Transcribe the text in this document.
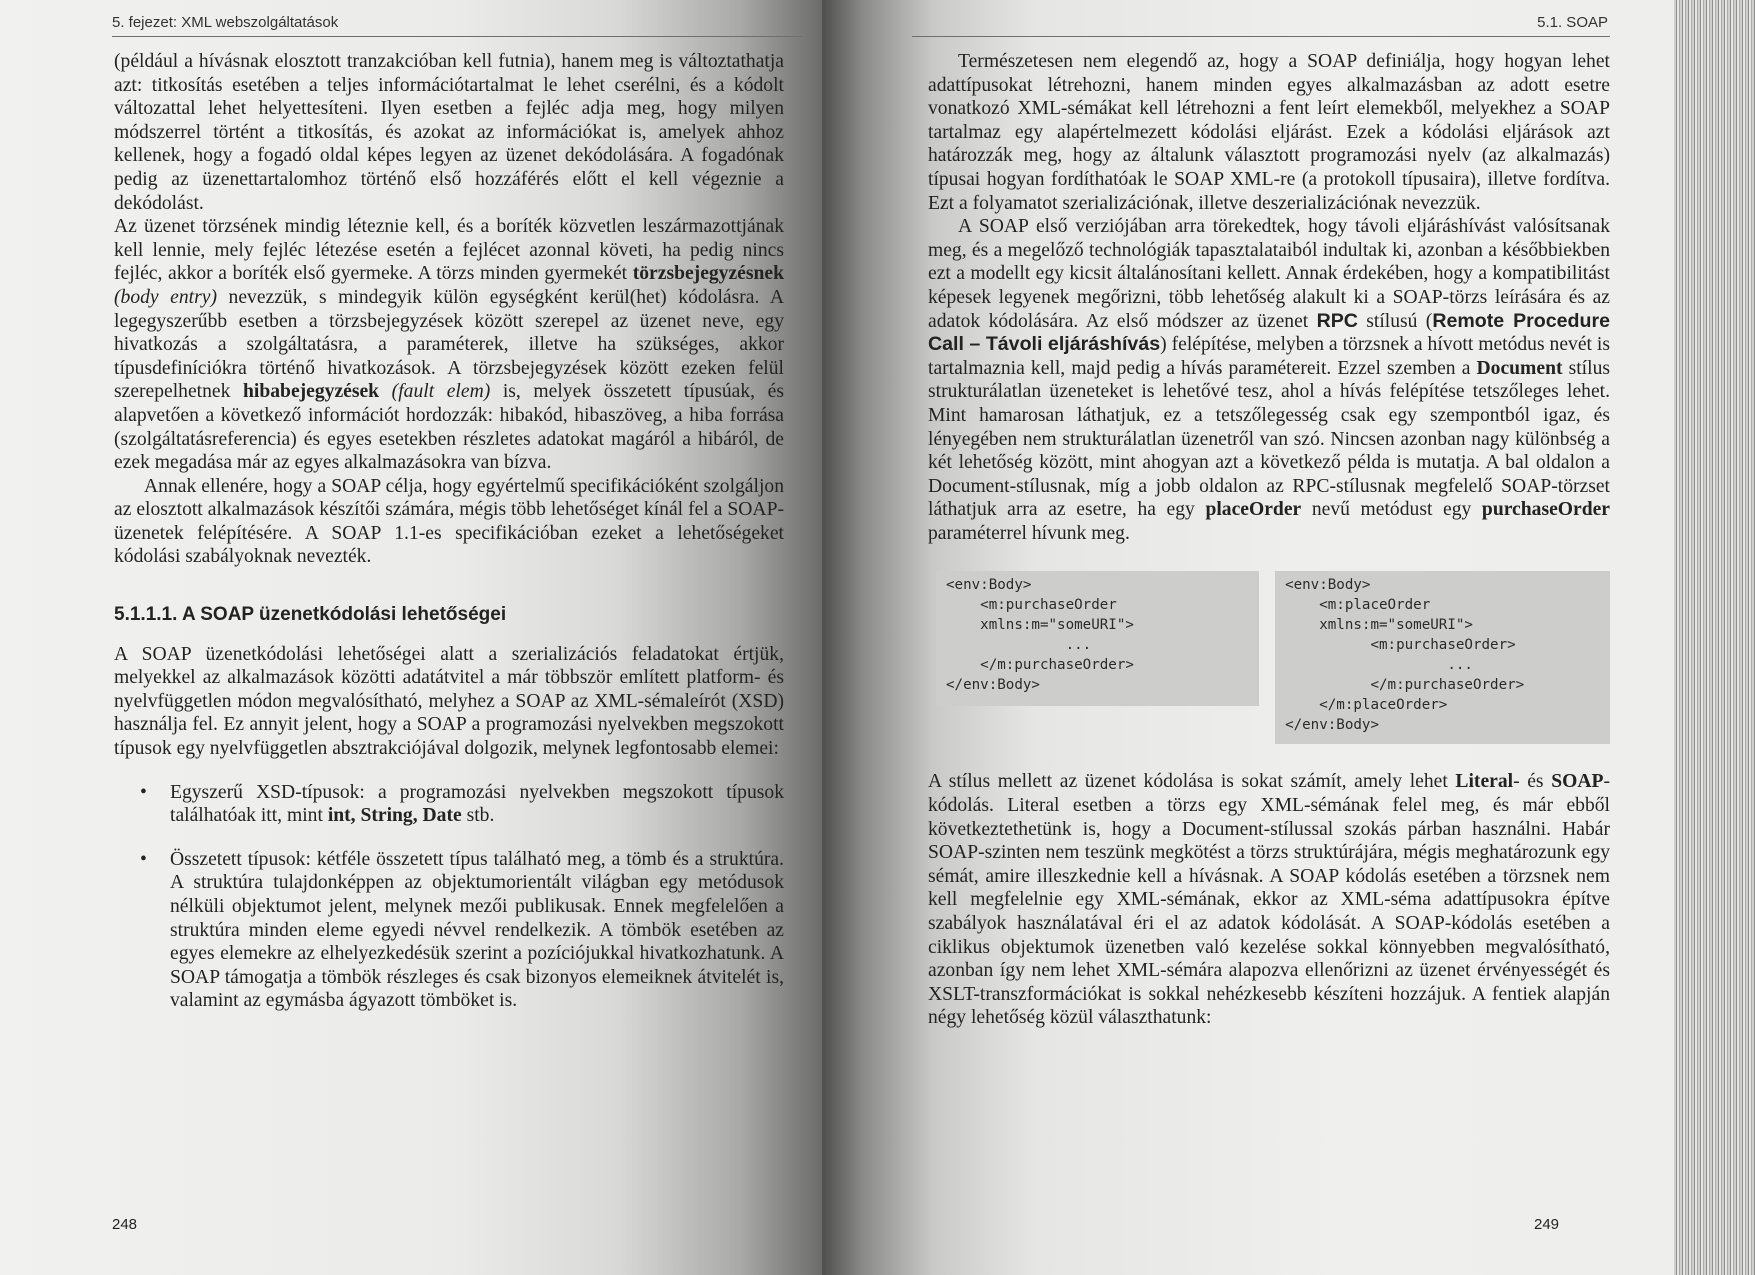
5. fejezet: XML webszolgáltatások

(például a hívásnak elosztott tranzakcióban kell futnia), hanem meg is változtathatja azt: titkosítás esetében a teljes információtartalmat le lehet cserélni, és a kódolt változattal lehet helyettesíteni. Ilyen esetben a fejléc adja meg, hogy milyen módszerrel történt a titkosítás, és azokat az információkat is, amelyek ahhoz kellenek, hogy a fogadó oldal képes legyen az üzenet dekódolására. A fogadónak pedig az üzenettartalomhoz történő első hozzáférés előtt el kell végeznie a dekódolást.

Az üzenet törzsének mindig léteznie kell, és a boríték közvetlen leszármazottjának kell lennie, mely fejléc létezése esetén a fejlécet azonnal követi, ha pedig nincs fejléc, akkor a boríték első gyermeke. A törzs minden gyermekét törzsbejegyzésnek (body entry) nevezzük, s mindegyik külön egységként kerül(het) kódolásra. A legegyszerűbb esetben a törzsbejegyzések között szerepel az üzenet neve, egy hivatkozás a szolgáltatásra, a paraméterek, illetve ha szükséges, akkor típusdefiníciókra történő hivatkozások. A törzsbejegyzések között ezeken felül szerepelhetnek hibabejegyzések (fault elem) is, melyek összetett típusúak, és alapvetően a következő információt hordozzák: hibakód, hibaszöveg, a hiba forrása (szolgáltatásreferencia) és egyes esetekben részletes adatokat magáról a hibáról, de ezek megadása már az egyes alkalmazásokra van bízva.

Annak ellenére, hogy a SOAP célja, hogy egyértelmű specifikációként szolgáljon az elosztott alkalmazások készítői számára, mégis több lehetőséget kínál fel a SOAP-üzenetek felépítésére. A SOAP 1.1-es specifikációban ezeket a lehetőségeket kódolási szabályoknak nevezték.

5.1.1.1. A SOAP üzenetkódolási lehetőségei

A SOAP üzenetkódolási lehetőségei alatt a szerializációs feladatokat értjük, melyekkel az alkalmazások közötti adatátvitel a már többször említett platform- és nyelvfüggetlen módon megvalósítható, melyhez a SOAP az XML-sémaleírót (XSD) használja fel. Ez annyit jelent, hogy a SOAP a programozási nyelvekben megszokott típusok egy nyelvfüggetlen absztrakciójával dolgozik, melynek legfontosabb elemei:

• Egyszerű XSD-típusok: a programozási nyelvekben megszokott típusok találhatóak itt, mint int, String, Date stb.
• Összetett típusok: kétféle összetett típus található meg, a tömb és a struktúra. A struktúra tulajdonképpen az objektumorientált világban egy metódusok nélküli objektumot jelent, melynek mezői publikusak. Ennek megfelelően a struktúra minden eleme egyedi névvel rendelkezik. A tömbök esetében az egyes elemekre az elhelyezkedésük szerint a pozíciójukkal hivatkozhatunk. A SOAP támogatja a tömbök részleges és csak bizonyos elemeiknek átvitelét is, valamint az egymásba ágyazott tömböket is.
248
5.1. SOAP

Természetesen nem elegendő az, hogy a SOAP definiálja, hogy hogyan lehet adattípusokat létrehozni, hanem minden egyes alkalmazásban az adott esetre vonatkozó XML-sémákat kell létrehozni a fent leírt elemekből, melyekhez a SOAP tartalmaz egy alapértelmezett kódolási eljárást. Ezek a kódolási eljárások azt határozzák meg, hogy az általunk választott programozási nyelv (az alkalmazás) típusai hogyan fordíthatóak le SOAP XML-re (a protokoll típusaira), illetve fordítva. Ezt a folyamatot szerializációnak, illetve deszerializációnak nevezzük.

A SOAP első verziójában arra törekedtek, hogy távoli eljáráshívást valósítsanak meg, és a megelőző technológiák tapasztalataiból indultak ki, azonban a későbbiekben ezt a modellt egy kicsit általánosítani kellett. Annak érdekében, hogy a kompatibilitást képesek legyenek megőrizni, több lehetőség alakult ki a SOAP-törzs leírására és az adatok kódolására. Az első módszer az üzenet RPC stílusú (Remote Procedure Call – Távoli eljáráshívás) felépítése, melyben a törzsnek a hívott metódus nevét is tartalmaznia kell, majd pedig a hívás paramétereit. Ezzel szemben a Document stílus strukturálatlan üzeneteket is lehetővé tesz, ahol a hívás felépítése tetszőleges lehet. Mint hamarosan láthatjuk, ez a tetszőlegesség csak egy szempontból igaz, és lényegében nem strukturálatlan üzenetről van szó. Nincsen azonban nagy különbség a két lehetőség között, mint ahogyan azt a következő példa is mutatja. A bal oldalon a Document-stílusnak, míg a jobb oldalon az RPC-stílusnak megfelelő SOAP-törzset láthatjuk arra az esetre, ha egy placeOrder nevű metódust egy purchaseOrder paraméterrel hívunk meg.

<env:Body>
<m:purchaseOrder
xmlns:m="someURI">
...
</m:purchaseOrder>
</env:Body>
<env:Body>
<m:placeOrder
xmlns:m="someURI">
<m:purchaseOrder>
...
</m:purchaseOrder>
</m:placeOrder>
</env:Body>

A stílus mellett az üzenet kódolása is sokat számít, amely lehet Literal- és SOAP-kódolás. Literal esetben a törzs egy XML-sémának felel meg, és már ebből következtethetünk is, hogy a Document-stílussal szokás párban használni. Habár SOAP-szinten nem teszünk megkötést a törzs struktúrájára, mégis meghatározunk egy sémát, amire illeszkednie kell a hívásnak. A SOAP kódolás esetében a törzsnek nem kell megfelelnie egy XML-sémának, ekkor az XML-séma adattípusokra építve szabályok használatával éri el az adatok kódolását. A SOAP-kódolás esetében a ciklikus objektumok üzenetben való kezelése sokkal könnyebben megvalósítható, azonban így nem lehet XML-sémára alapozva ellenőrizni az üzenet érvényességét és XSLT-transzformációkat is sokkal nehézkesebb készíteni hozzájuk. A fentiek alapján négy lehetőség közül választhatunk:

249
